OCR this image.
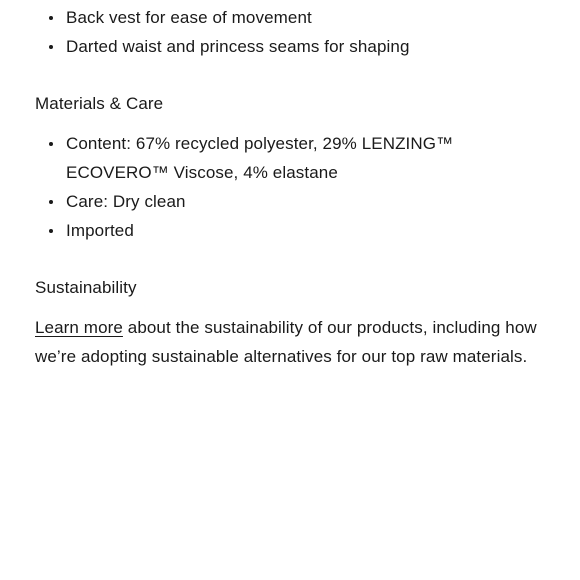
Back vest for ease of movement
Darted waist and princess seams for shaping
Materials & Care
Content: 67% recycled polyester, 29% LENZING™ ECOVERO™ Viscose, 4% elastane
Care: Dry clean
Imported
Sustainability

Learn more about the sustainability of our products, including how we’re adopting sustainable alternatives for our top raw materials.
